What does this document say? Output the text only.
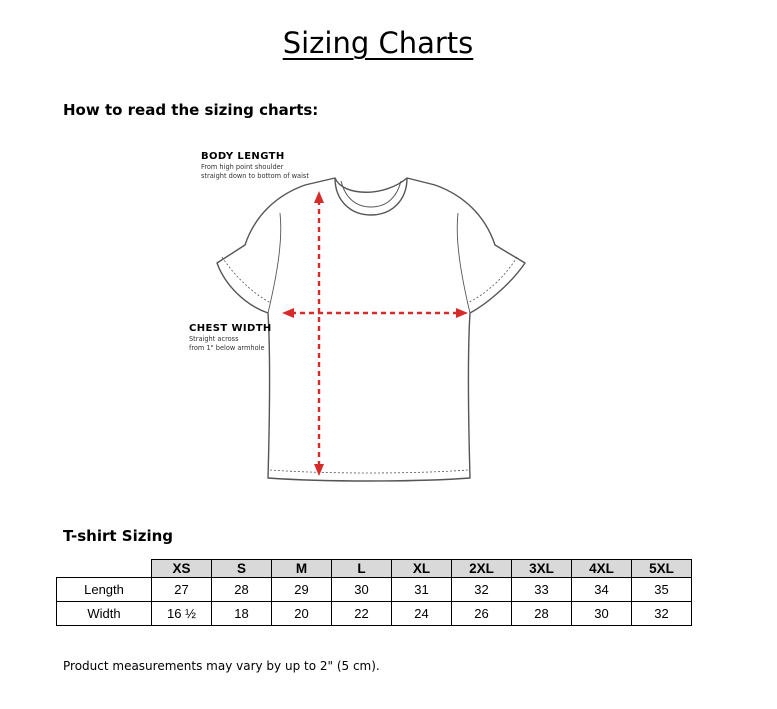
Sizing Charts
How to read the sizing charts:
BODY LENGTH
From high point shoulder
straight down to bottom of waist
CHEST WIDTH
Straight across
from 1" below armhole
T-shirt Sizing
	XS	S	M	L	XL	2XL	3XL	4XL	5XL
Length	27	28	29	30	31	32	33	34	35
Width	16 ½	18	20	22	24	26	28	30	32
Product measurements may vary by up to 2" (5 cm).
